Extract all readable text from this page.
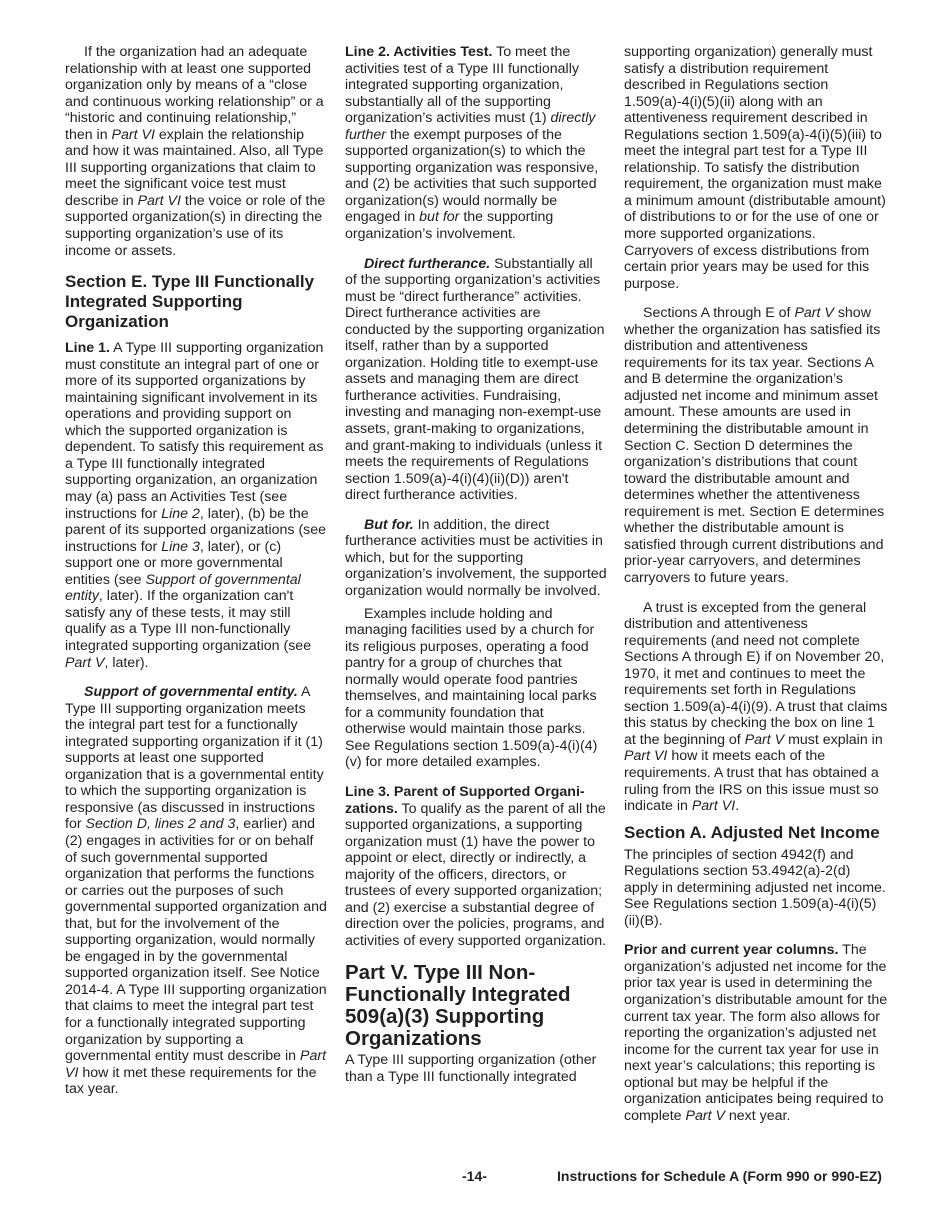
If the organization had an adequate relationship with at least one supported organization only by means of a “close and continuous working relationship” or a “historic and continuing relationship,” then in Part VI explain the relationship and how it was maintained. Also, all Type III supporting organizations that claim to meet the significant voice test must describe in Part VI the voice or role of the supported organization(s) in directing the supporting organization’s use of its income or assets.

Section E. Type III Functionally Integrated Supporting Organization

Line 1. A Type III supporting organization must constitute an integral part of one or more of its supported organizations by maintaining significant involvement in its operations and providing support on which the supported organization is dependent. To satisfy this requirement as a Type III functionally integrated supporting organization, an organization may (a) pass an Activities Test (see instructions for Line 2, later), (b) be the parent of its supported organizations (see instructions for Line 3, later), or (c) support one or more governmental entities (see Support of governmental entity, later). If the organization can't satisfy any of these tests, it may still qualify as a Type III non-functionally integrated supporting organization (see Part V, later).

Support of governmental entity. A Type III supporting organization meets the integral part test for a functionally integrated supporting organization if it (1) supports at least one supported organization that is a governmental entity to which the supporting organization is responsive (as discussed in instructions for Section D, lines 2 and 3, earlier) and (2) engages in activities for or on behalf of such governmental supported organization that performs the functions or carries out the purposes of such governmental supported organization and that, but for the involvement of the supporting organization, would normally be engaged in by the governmental supported organization itself. See Notice 2014-4. A Type III supporting organization that claims to meet the integral part test for a functionally integrated supporting organization by supporting a governmental entity must describe in Part VI how it met these requirements for the tax year.

Line 2. Activities Test. To meet the activities test of a Type III functionally integrated supporting organization, substantially all of the supporting organization’s activities must (1) directly further the exempt purposes of the supported organization(s) to which the supporting organization was responsive, and (2) be activities that such supported organization(s) would normally be engaged in but for the supporting organization’s involvement.

Direct furtherance. Substantially all of the supporting organization’s activities must be “direct furtherance” activities. Direct furtherance activities are conducted by the supporting organization itself, rather than by a supported organization. Holding title to exempt-use assets and managing them are direct furtherance activities. Fundraising, investing and managing non-exempt-use assets, grant-making to organizations, and grant-making to individuals (unless it meets the requirements of Regulations section 1.509(a)-4(i)(4)(ii)(D)) aren't direct furtherance activities.

But for. In addition, the direct furtherance activities must be activities in which, but for the supporting organization’s involvement, the supported organization would normally be involved.

Examples include holding and managing facilities used by a church for its religious purposes, operating a food pantry for a group of churches that normally would operate food pantries themselves, and maintaining local parks for a community foundation that otherwise would maintain those parks. See Regulations section 1.509(a)-4(i)(4)(v) for more detailed examples.

Line 3. Parent of Supported Organi-zations. To qualify as the parent of all the supported organizations, a supporting organization must (1) have the power to appoint or elect, directly or indirectly, a majority of the officers, directors, or trustees of every supported organization; and (2) exercise a substantial degree of direction over the policies, programs, and activities of every supported organization.

Part V. Type III Non-Functionally Integrated 509(a)(3) Supporting Organizations

A Type III supporting organization (other than a Type III functionally integrated

supporting organization) generally must satisfy a distribution requirement described in Regulations section 1.509(a)-4(i)(5)(ii) along with an attentiveness requirement described in Regulations section 1.509(a)-4(i)(5)(iii) to meet the integral part test for a Type III relationship. To satisfy the distribution requirement, the organization must make a minimum amount (distributable amount) of distributions to or for the use of one or more supported organizations. Carryovers of excess distributions from certain prior years may be used for this purpose.

Sections A through E of Part V show whether the organization has satisfied its distribution and attentiveness requirements for its tax year. Sections A and B determine the organization’s adjusted net income and minimum asset amount. These amounts are used in determining the distributable amount in Section C. Section D determines the organization’s distributions that count toward the distributable amount and determines whether the attentiveness requirement is met. Section E determines whether the distributable amount is satisfied through current distributions and prior-year carryovers, and determines carryovers to future years.

A trust is excepted from the general distribution and attentiveness requirements (and need not complete Sections A through E) if on November 20, 1970, it met and continues to meet the requirements set forth in Regulations section 1.509(a)-4(i)(9). A trust that claims this status by checking the box on line 1 at the beginning of Part V must explain in Part VI how it meets each of the requirements. A trust that has obtained a ruling from the IRS on this issue must so indicate in Part VI.

Section A. Adjusted Net Income

The principles of section 4942(f) and Regulations section 53.4942(a)-2(d) apply in determining adjusted net income. See Regulations section 1.509(a)-4(i)(5)(ii)(B).

Prior and current year columns. The organization’s adjusted net income for the prior tax year is used in determining the organization’s distributable amount for the current tax year. The form also allows for reporting the organization’s adjusted net income for the current tax year for use in next year’s calculations; this reporting is optional but may be helpful if the organization anticipates being required to complete Part V next year.

-14-	Instructions for Schedule A (Form 990 or 990-EZ)
